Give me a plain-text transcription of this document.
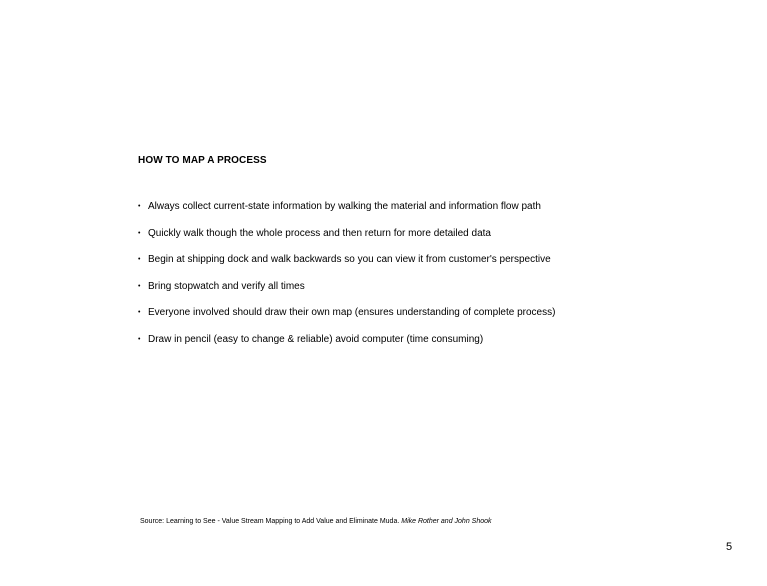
HOW TO MAP A PROCESS
• Always collect current-state information by walking the material and information flow path
• Quickly walk though the whole process and then return for more detailed data
• Begin at shipping dock and walk backwards so you can view it from customer's perspective
• Bring stopwatch and verify all times
• Everyone involved should draw their own map (ensures understanding of complete process)
• Draw in pencil (easy to change & reliable) avoid computer (time consuming)
Source: Learning to See - Value Stream Mapping to Add Value and Eliminate Muda. Mike Rother and John Shook
5
